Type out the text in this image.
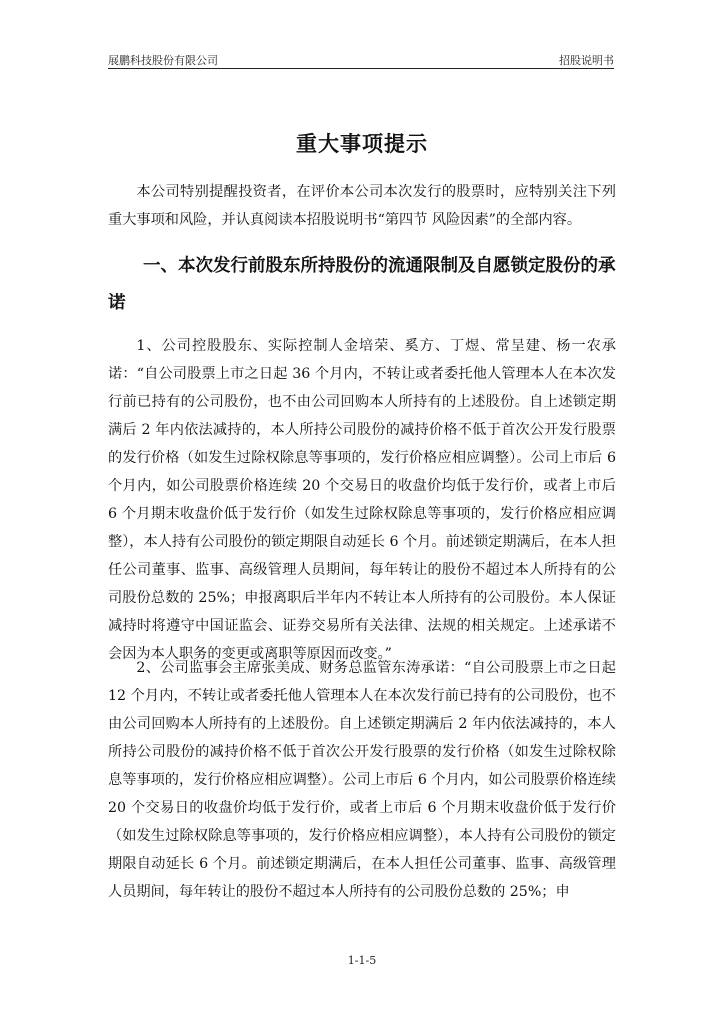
展鹏科技股份有限公司	招股说明书
重大事项提示

本公司特别提醒投资者，在评价本公司本次发行的股票时，应特别关注下列重大事项和风险，并认真阅读本招股说明书“第四节 风险因素”的全部内容。

一、本次发行前股东所持股份的流通限制及自愿锁定股份的承诺

1、公司控股股东、实际控制人金培荣、奚方、丁煜、常呈建、杨一农承诺：“自公司股票上市之日起 36 个月内，不转让或者委托他人管理本人在本次发行前已持有的公司股份，也不由公司回购本人所持有的上述股份。自上述锁定期满后 2 年内依法减持的，本人所持公司股份的减持价格不低于首次公开发行股票的发行价格（如发生过除权除息等事项的，发行价格应相应调整）。公司上市后 6 个月内，如公司股票价格连续 20 个交易日的收盘价均低于发行价，或者上市后 6 个月期末收盘价低于发行价（如发生过除权除息等事项的，发行价格应相应调整），本人持有公司股份的锁定期限自动延长 6 个月。前述锁定期满后，在本人担任公司董事、监事、高级管理人员期间，每年转让的股份不超过本人所持有的公司股份总数的 25%；申报离职后半年内不转让本人所持有的公司股份。本人保证减持时将遵守中国证监会、证券交易所有关法律、法规的相关规定。上述承诺不会因为本人职务的变更或离职等原因而改变。”

2、公司监事会主席张美成、财务总监管东涛承诺：“自公司股票上市之日起 12 个月内，不转让或者委托他人管理本人在本次发行前已持有的公司股份，也不由公司回购本人所持有的上述股份。自上述锁定期满后 2 年内依法减持的，本人所持公司股份的减持价格不低于首次公开发行股票的发行价格（如发生过除权除息等事项的，发行价格应相应调整）。公司上市后 6 个月内，如公司股票价格连续 20 个交易日的收盘价均低于发行价，或者上市后 6 个月期末收盘价低于发行价（如发生过除权除息等事项的，发行价格应相应调整），本人持有公司股份的锁定期限自动延长 6 个月。前述锁定期满后，在本人担任公司董事、监事、高级管理人员期间，每年转让的股份不超过本人所持有的公司股份总数的 25%；申

1-1-5
